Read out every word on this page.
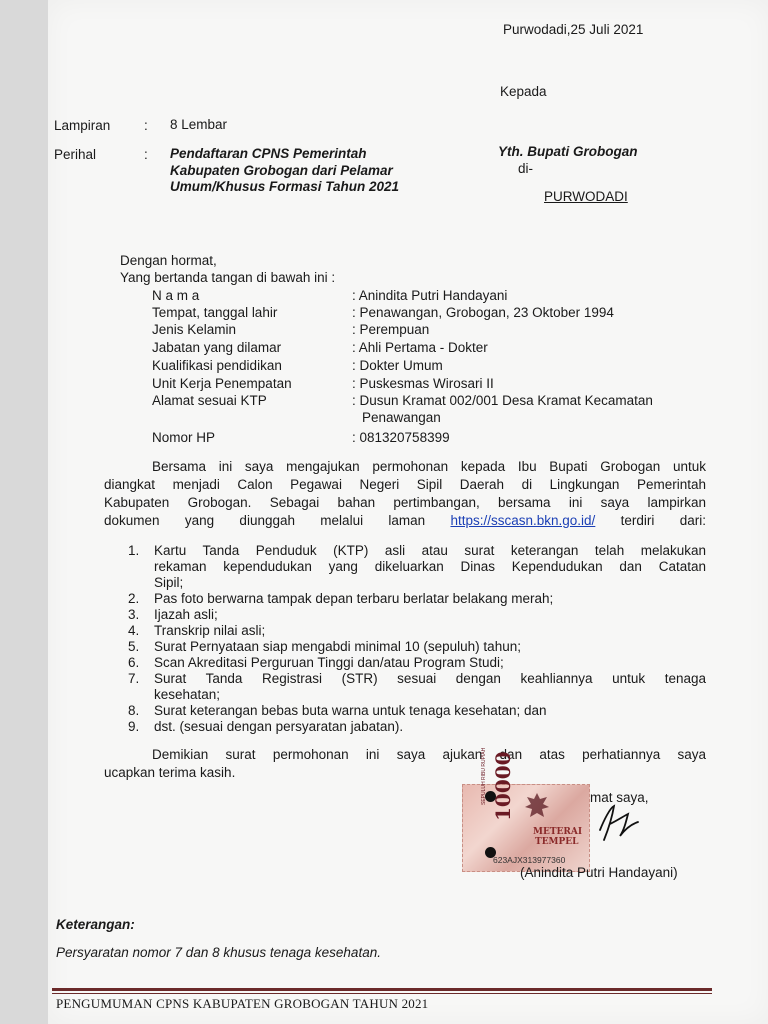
Purwodadi,25 Juli 2021
Kepada
Lampiran : 8 Lembar
Perihal	: Pendaftaran CPNS Pemerintah
Kabupaten Grobogan dari Pelamar
Umum/Khusus Formasi Tahun 2021
Yth. Bupati Grobogan
di-
PURWODADI
Dengan hormat,
Yang bertanda tangan di bawah ini :
N a m a	: Anindita Putri Handayani
Tempat, tanggal lahir	: Penawangan, Grobogan, 23 Oktober 1994
Jenis Kelamin	: Perempuan
Jabatan yang dilamar	: Ahli Pertama - Dokter
Kualifikasi pendidikan	: Dokter Umum
Unit Kerja Penempatan	: Puskesmas Wirosari II
Alamat sesuai KTP	: Dusun Kramat 002/001 Desa Kramat Kecamatan
Penawangan
Nomor HP	: 081320758399
Bersama ini saya mengajukan permohonan kepada Ibu Bupati Grobogan untuk
diangkat menjadi Calon Pegawai Negeri Sipil Daerah di Lingkungan Pemerintah
Kabupaten Grobogan. Sebagai bahan pertimbangan, bersama ini saya lampirkan
dokumen yang diunggah melalui laman https://sscasn.bkn.go.id/ terdiri dari:
1.	Kartu Tanda Penduduk (KTP) asli atau surat keterangan telah melakukan
rekaman kependudukan yang dikeluarkan Dinas Kependudukan dan Catatan
Sipil;
2.	Pas foto berwarna tampak depan terbaru berlatar belakang merah;
3.	Ijazah asli;
4.	Transkrip nilai asli;
5.	Surat Pernyataan siap mengabdi minimal 10 (sepuluh) tahun;
6.	Scan Akreditasi Perguruan Tinggi dan/atau Program Studi;
7.	Surat Tanda Registrasi (STR) sesuai dengan keahliannya untuk tenaga
kesehatan;
8.	Surat keterangan bebas buta warna untuk tenaga kesehatan; dan
9.	dst. (sesuai dengan persyaratan jabatan).
Demikian surat permohonan ini saya ajukan dan atas perhatiannya saya
ucapkan terima kasih.
mat saya,
SEPULUH RIBU RUPIAH 10000
METERAI
TEMPEL
623AJX313977360
(Anindita Putri Handayani)
Keterangan:
Persyaratan nomor 7 dan 8 khusus tenaga kesehatan.
PENGUMUMAN CPNS KABUPATEN GROBOGAN TAHUN 2021
